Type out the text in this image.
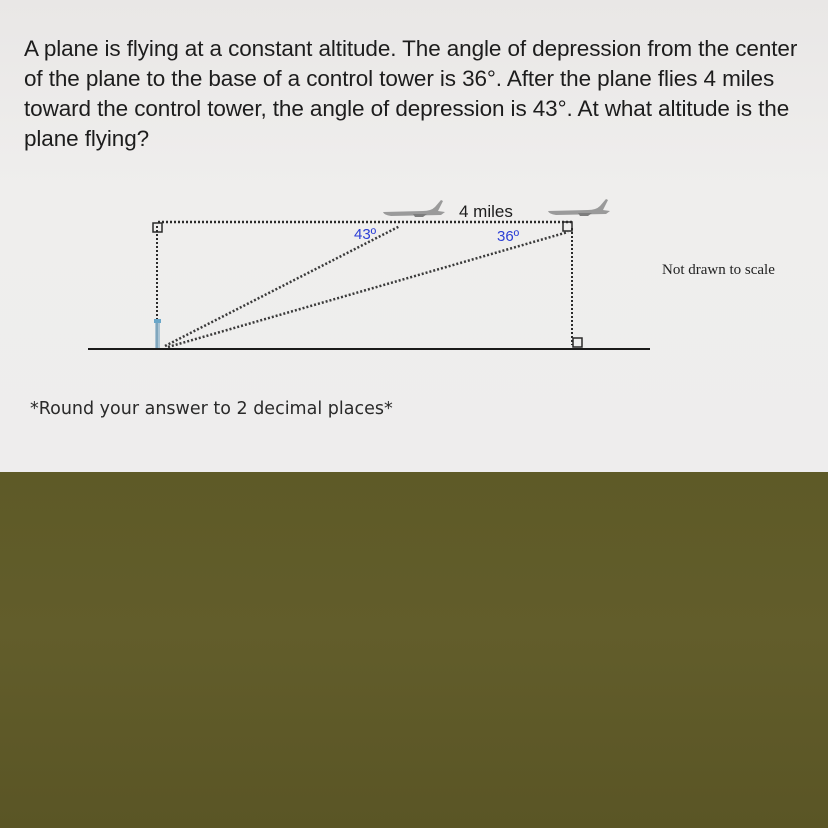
A plane is flying at a constant altitude. The angle of depression from the center of the plane to the base of a control tower is 36°. After the plane flies 4 miles toward the control tower, the angle of depression is 43°. At what altitude is the plane flying?

4 miles
43º	36º

Not drawn to scale

*Round your answer to 2 decimal places*
